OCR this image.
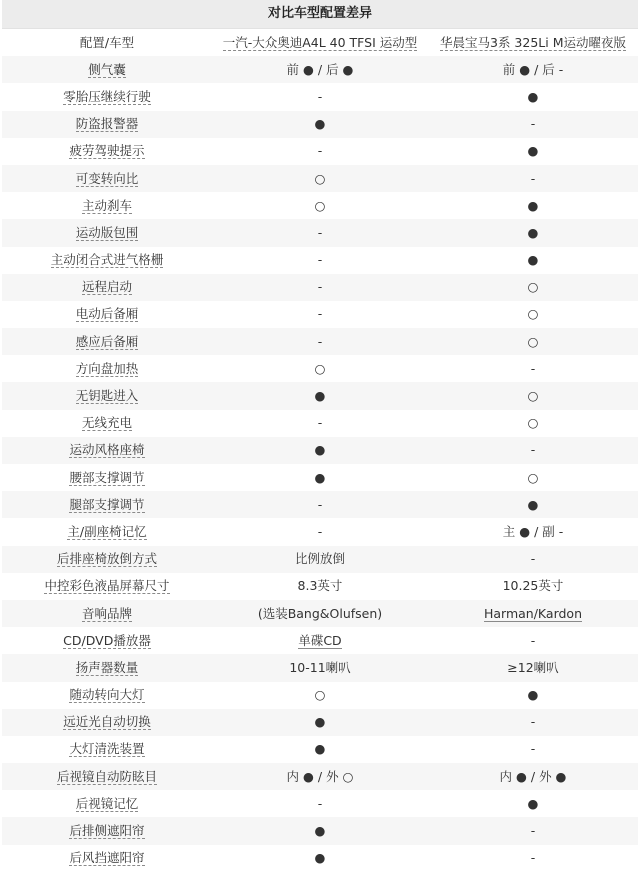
对比车型配置差异
配置/车型	一汽-大众奥迪A4L 40 TFSI 运动型	华晨宝马3系 325Li M运动曜夜版
侧气囊	前 ● / 后 ●	前 ● / 后 -
零胎压继续行驶	-	●
防盗报警器	●	-
疲劳驾驶提示	-	●
可变转向比	○	-
主动刹车	○	●
运动版包围	-	●
主动闭合式进气格栅	-	●
远程启动	-	○
电动后备厢	-	○
感应后备厢	-	○
方向盘加热	○	-
无钥匙进入	●	○
无线充电	-	○
运动风格座椅	●	-
腰部支撑调节	●	○
腿部支撑调节	-	●
主/副座椅记忆	-	主 ● / 副 -
后排座椅放倒方式	比例放倒	-
中控彩色液晶屏幕尺寸	8.3英寸	10.25英寸
音响品牌	(选装Bang&Olufsen)	Harman/Kardon
CD/DVD播放器	单碟CD	-
扬声器数量	10-11喇叭	≥12喇叭
随动转向大灯	○	●
远近光自动切换	●	-
大灯清洗装置	●	-
后视镜自动防眩目	内 ● / 外 ○	内 ● / 外 ●
后视镜记忆	-	●
后排侧遮阳帘	●	-
后风挡遮阳帘	●	-
